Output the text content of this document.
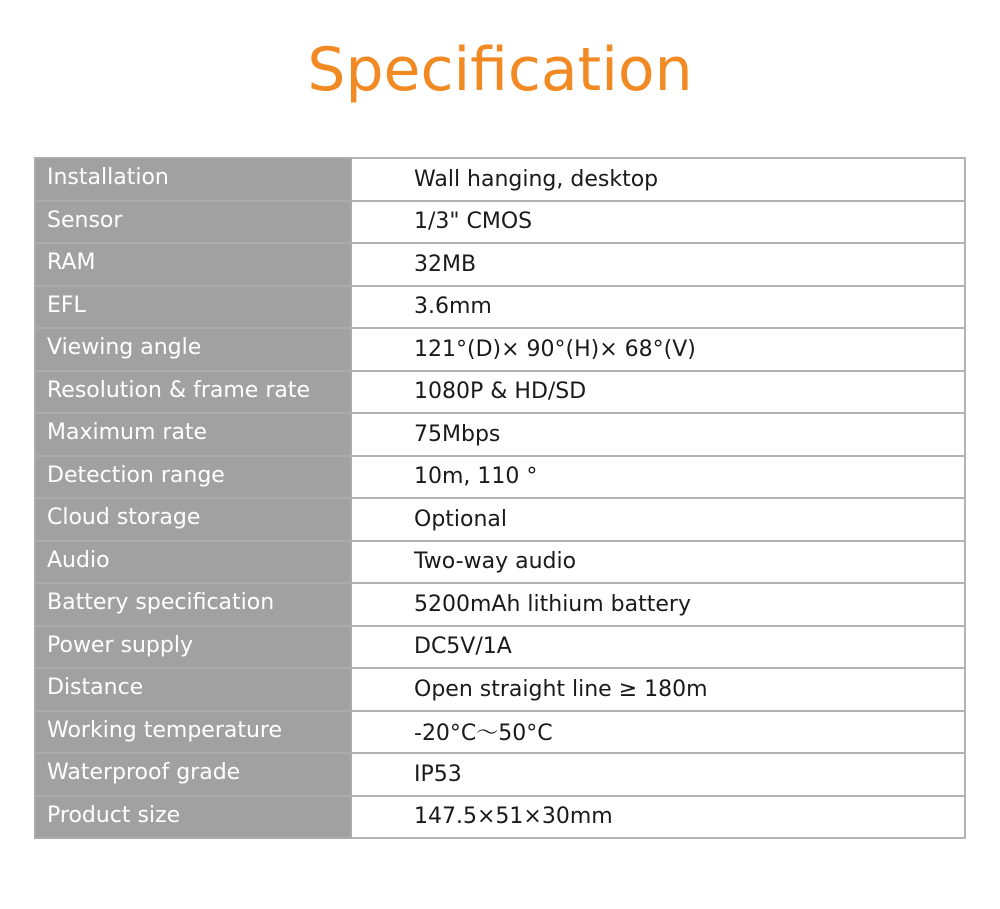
Specification
Installation	Wall hanging, desktop
Sensor	1/3" CMOS
RAM	32MB
EFL	3.6mm
Viewing angle	121°(D)× 90°(H)× 68°(V)
Resolution & frame rate	1080P & HD/SD
Maximum rate	75Mbps
Detection range	10m, 110 °
Cloud storage	Optional
Audio	Two-way audio
Battery specification	5200mAh lithium battery
Power supply	DC5V/1A
Distance	Open straight line ≥ 180m
Working temperature	-20°C～50°C
Waterproof grade	IP53
Product size	147.5×51×30mm
